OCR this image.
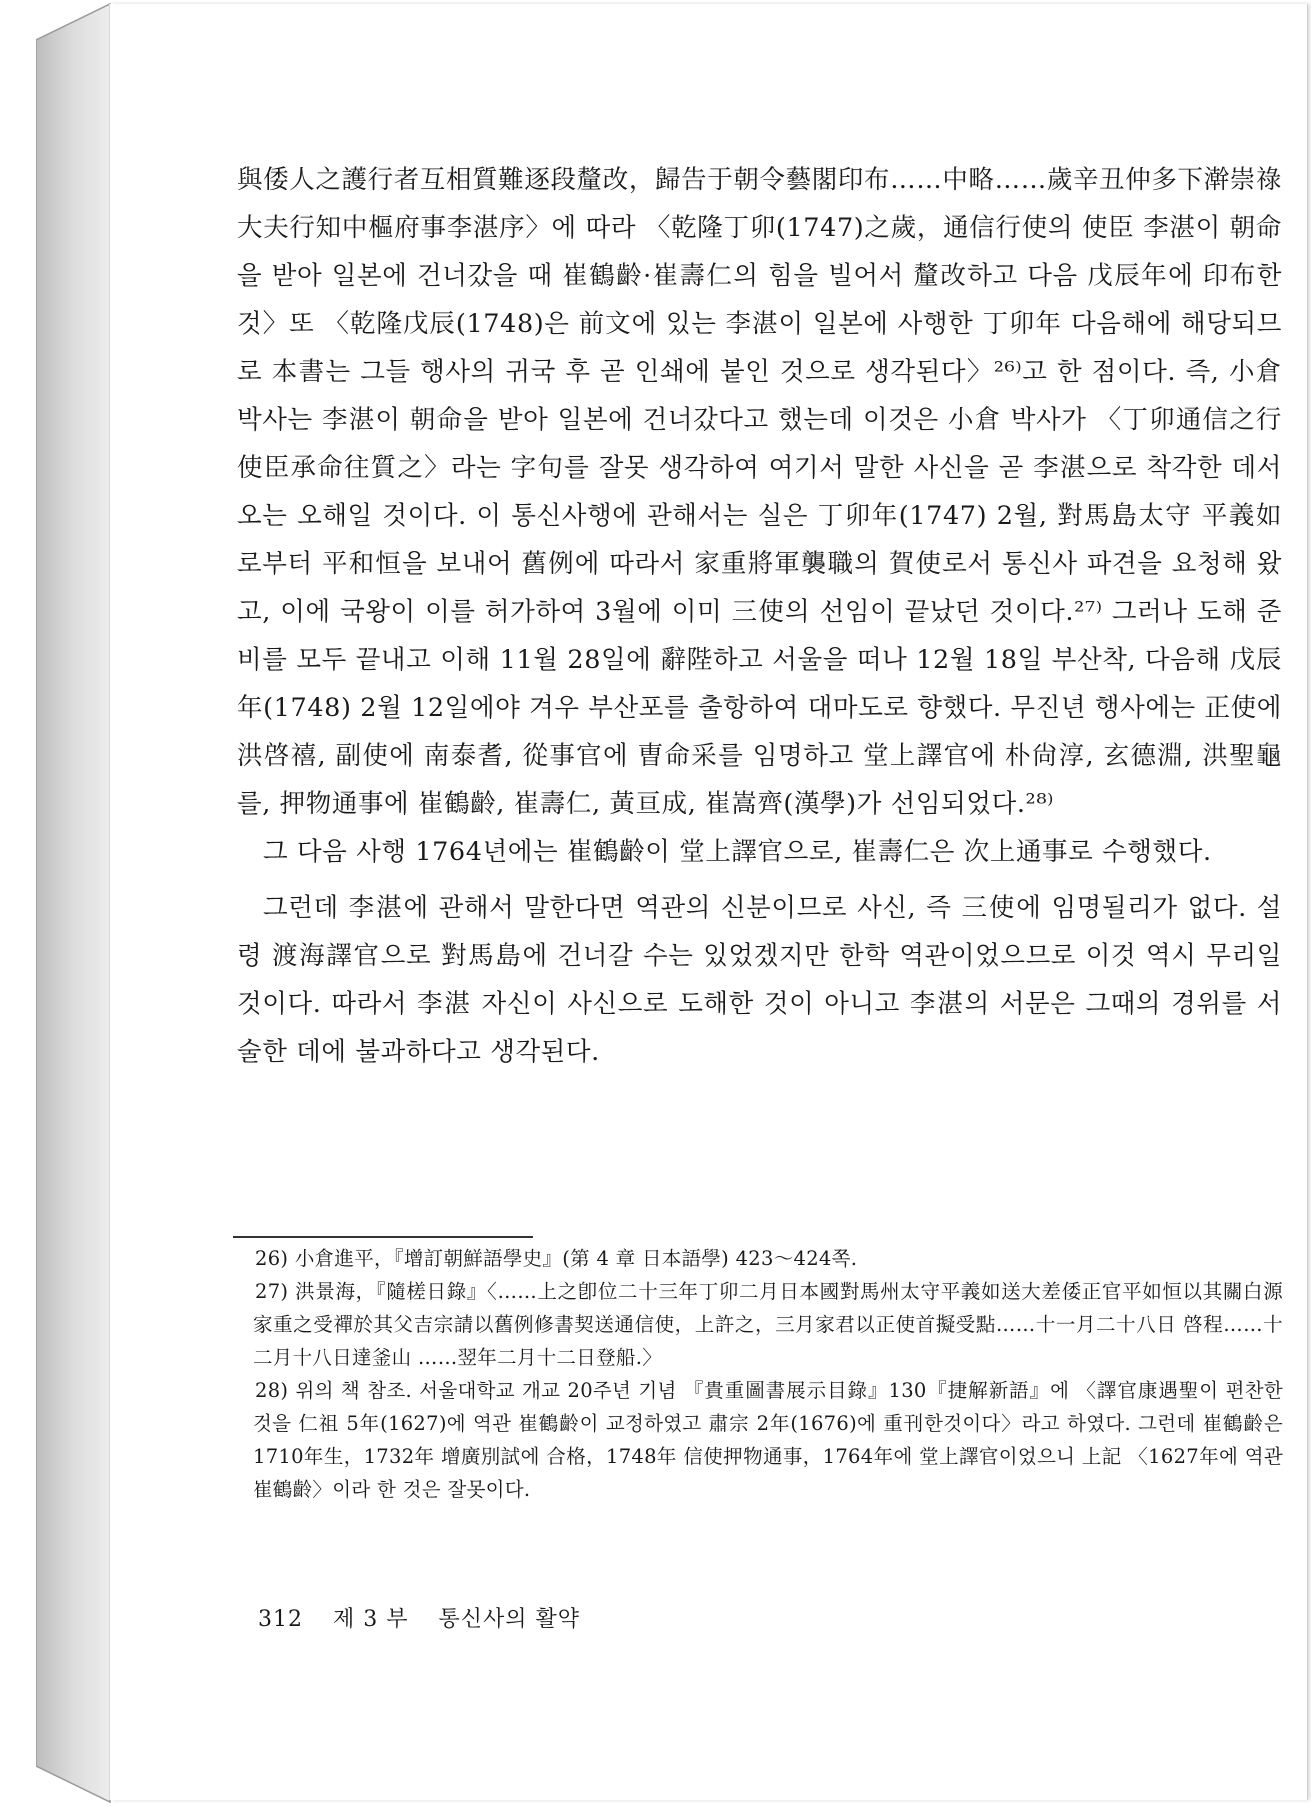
與倭人之護行者互相質難逐段釐改，歸告于朝令藝閣印布……中略……歲辛丑仲多下澣崇祿大夫行知中樞府事李湛序〉에 따라 〈乾隆丁卯(1747)之歲，通信行使의 使臣 李湛이 朝命을 받아 일본에 건너갔을 때 崔鶴齡·崔壽仁의 힘을 빌어서 釐改하고 다음 戊辰年에 印布한 것〉또 〈乾隆戊辰(1748)은 前文에 있는 李湛이 일본에 사행한 丁卯年 다음해에 해당되므로 本書는 그들 행사의 귀국 후 곧 인쇄에 붙인 것으로 생각된다〉²⁶⁾고 한 점이다. 즉, 小倉 박사는 李湛이 朝命을 받아 일본에 건너갔다고 했는데 이것은 小倉 박사가 〈丁卯通信之行使臣承命往質之〉라는 字句를 잘못 생각하여 여기서 말한 사신을 곧 李湛으로 착각한 데서 오는 오해일 것이다. 이 통신사행에 관해서는 실은 丁卯年(1747) 2월, 對馬島太守 平義如로부터 平和恒을 보내어 舊例에 따라서 家重將軍襲職의 賀使로서 통신사 파견을 요청해 왔고, 이에 국왕이 이를 허가하여 3월에 이미 三使의 선임이 끝났던 것이다.²⁷⁾ 그러나 도해 준비를 모두 끝내고 이해 11월 28일에 辭陛하고 서울을 떠나 12월 18일 부산착, 다음해 戊辰年(1748) 2월 12일에야 겨우 부산포를 출항하여 대마도로 향했다. 무진년 행사에는 正使에 洪啓禧, 副使에 南泰耆, 從事官에 曺命采를 임명하고 堂上譯官에 朴尙淳, 玄德淵, 洪聖龜를, 押物通事에 崔鶴齡, 崔壽仁, 黃亘成, 崔嵩齊(漢學)가 선임되었다.²⁸⁾

그 다음 사행 1764년에는 崔鶴齡이 堂上譯官으로, 崔壽仁은 次上通事로 수행했다.

그런데 李湛에 관해서 말한다면 역관의 신분이므로 사신, 즉 三使에 임명될리가 없다. 설령 渡海譯官으로 對馬島에 건너갈 수는 있었겠지만 한학 역관이었으므로 이것 역시 무리일 것이다. 따라서 李湛 자신이 사신으로 도해한 것이 아니고 李湛의 서문은 그때의 경위를 서술한 데에 불과하다고 생각된다.

26) 小倉進平，『增訂朝鮮語學史』(第 4 章 日本語學) 423～424쪽.

27) 洪景海，『隨槎日錄』〈……上之卽位二十三年丁卯二月日本國對馬州太守平義如送大差倭正官平如恒以其關白源家重之受禪於其父吉宗請以舊例修書契送通信使，上許之，三月家君以正使首擬受點……十一月二十八日 啓程……十二月十八日達釜山 ……翌年二月十二日登船.〉

28) 위의 책 참조. 서울대학교 개교 20주년 기념 『貴重圖書展示目錄』130『捷解新語』에 〈譯官康遇聖이 편찬한 것을 仁祖 5年(1627)에 역관 崔鶴齡이 교정하였고 肅宗 2年(1676)에 重刊한것이다〉라고 하였다. 그런데 崔鶴齡은 1710年生，1732年 增廣別試에 合格，1748年 信使押物通事，1764年에 堂上譯官이었으니 上記 〈1627年에 역관 崔鶴齡〉이라 한 것은 잘못이다.

312 제 3 부 통신사의 활약
